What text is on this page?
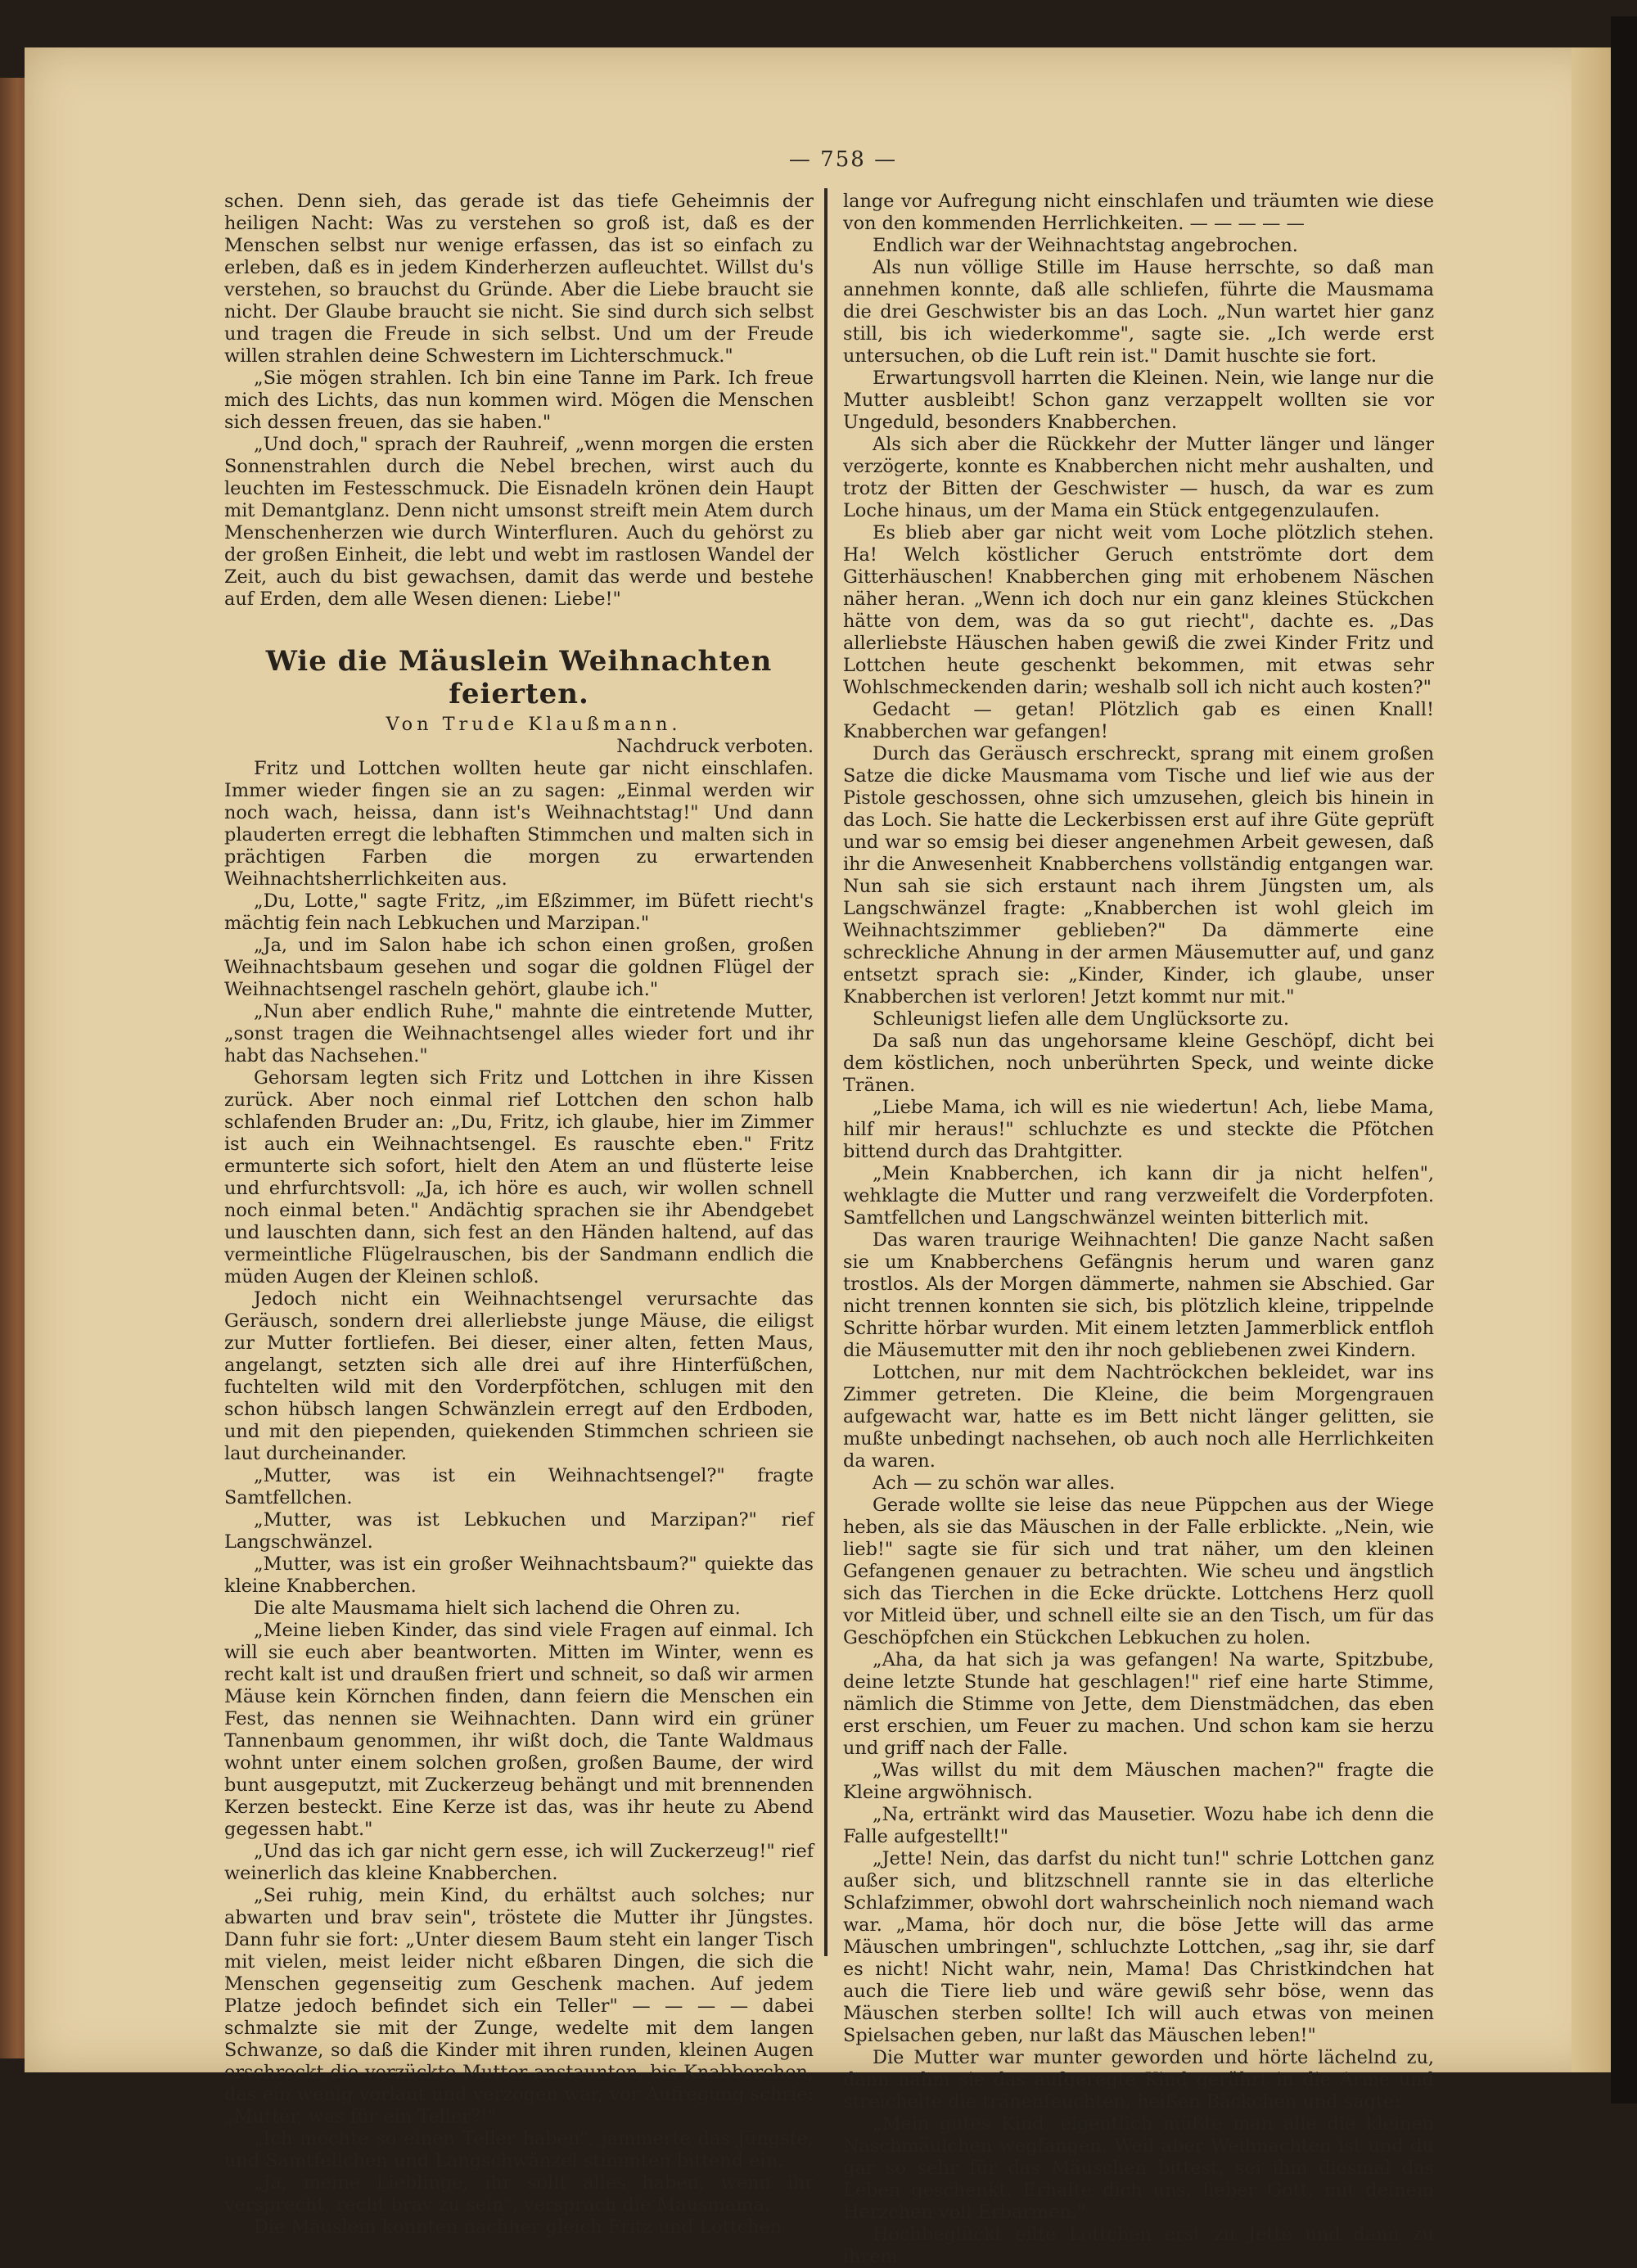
— 758 —

schen. Denn sieh, das gerade ist das tiefe Geheimnis der heiligen Nacht: Was zu verstehen so groß ist, daß es der Menschen selbst nur wenige erfassen, das ist so einfach zu erleben, daß es in jedem Kinderherzen aufleuchtet. Willst du's verstehen, so brauchst du Gründe. Aber die Liebe braucht sie nicht. Der Glaube braucht sie nicht. Sie sind durch sich selbst und tragen die Freude in sich selbst. Und um der Freude willen strahlen deine Schwestern im Lichterschmuck."

„Sie mögen strahlen. Ich bin eine Tanne im Park. Ich freue mich des Lichts, das nun kommen wird. Mögen die Menschen sich dessen freuen, das sie haben."

„Und doch," sprach der Rauhreif, „wenn morgen die ersten Sonnenstrahlen durch die Nebel brechen, wirst auch du leuchten im Festesschmuck. Die Eisnadeln krönen dein Haupt mit Demantglanz. Denn nicht umsonst streift mein Atem durch Menschenherzen wie durch Winterfluren. Auch du gehörst zu der großen Einheit, die lebt und webt im rastlosen Wandel der Zeit, auch du bist gewachsen, damit das werde und bestehe auf Erden, dem alle Wesen dienen: Liebe!"

Wie die Mäuslein Weihnachten feierten.

Von Trude Klaußmann.

Nachdruck verboten.

Fritz und Lottchen wollten heute gar nicht einschlafen. Immer wieder fingen sie an zu sagen: „Einmal werden wir noch wach, heissa, dann ist's Weihnachtstag!" Und dann plauderten erregt die lebhaften Stimmchen und malten sich in prächtigen Farben die morgen zu erwartenden Weihnachtsherrlichkeiten aus.

„Du, Lotte," sagte Fritz, „im Eßzimmer, im Büfett riecht's mächtig fein nach Lebkuchen und Marzipan."

„Ja, und im Salon habe ich schon einen großen, großen Weihnachtsbaum gesehen und sogar die goldnen Flügel der Weihnachtsengel rascheln gehört, glaube ich."

„Nun aber endlich Ruhe," mahnte die eintretende Mutter, „sonst tragen die Weihnachtsengel alles wieder fort und ihr habt das Nachsehen."

Gehorsam legten sich Fritz und Lottchen in ihre Kissen zurück. Aber noch einmal rief Lottchen den schon halb schlafenden Bruder an: „Du, Fritz, ich glaube, hier im Zimmer ist auch ein Weihnachtsengel. Es rauschte eben." Fritz ermunterte sich sofort, hielt den Atem an und flüsterte leise und ehrfurchtsvoll: „Ja, ich höre es auch, wir wollen schnell noch einmal beten." Andächtig sprachen sie ihr Abendgebet und lauschten dann, sich fest an den Händen haltend, auf das vermeintliche Flügelrauschen, bis der Sandmann endlich die müden Augen der Kleinen schloß.

Jedoch nicht ein Weihnachtsengel verursachte das Geräusch, sondern drei allerliebste junge Mäuse, die eiligst zur Mutter fortliefen. Bei dieser, einer alten, fetten Maus, angelangt, setzten sich alle drei auf ihre Hinterfüßchen, fuchtelten wild mit den Vorderpfötchen, schlugen mit den schon hübsch langen Schwänzlein erregt auf den Erdboden, und mit den piependen, quiekenden Stimmchen schrieen sie laut durcheinander.

„Mutter, was ist ein Weihnachtsengel?" fragte Samtfellchen.

„Mutter, was ist Lebkuchen und Marzipan?" rief Langschwänzel.

„Mutter, was ist ein großer Weihnachtsbaum?" quiekte das kleine Knabberchen.

Die alte Mausmama hielt sich lachend die Ohren zu.

„Meine lieben Kinder, das sind viele Fragen auf einmal. Ich will sie euch aber beantworten. Mitten im Winter, wenn es recht kalt ist und draußen friert und schneit, so daß wir armen Mäuse kein Körnchen finden, dann feiern die Menschen ein Fest, das nennen sie Weihnachten. Dann wird ein grüner Tannenbaum genommen, ihr wißt doch, die Tante Waldmaus wohnt unter einem solchen großen, großen Baume, der wird bunt ausgeputzt, mit Zuckerzeug behängt und mit brennenden Kerzen besteckt. Eine Kerze ist das, was ihr heute zu Abend gegessen habt."

„Und das ich gar nicht gern esse, ich will Zuckerzeug!" rief weinerlich das kleine Knabberchen.

„Sei ruhig, mein Kind, du erhältst auch solches; nur abwarten und brav sein", tröstete die Mutter ihr Jüngstes. Dann fuhr sie fort: „Unter diesem Baum steht ein langer Tisch mit vielen, meist leider nicht eßbaren Dingen, die sich die Menschen gegenseitig zum Geschenk machen. Auf jedem Platze jedoch befindet sich ein Teller" — — — — dabei schmalzte sie mit der Zunge, wedelte mit dem langen Schwanze, so daß die Kinder mit ihren runden, kleinen Augen erschreckt die verzückte Mutter anstaunten, bis Knabberchen, das ein wenig vorlaut und verzogen war, vor Aufregung schrie: „Mutter, was für ein Teller?!"

„Ich möchte so einen Teller haben", jammerte das Jüngste, und Samtfellchen und Langschwänzel stimmten bittend ein.

„Ja, meine Lieblinge, ihr sollt alles haben, wenn ihr versprecht, recht brav zu sein", versprach die Mausmama.

Die Mäuslein konnten nachher gleich Fritz und Lottchen

lange vor Aufregung nicht einschlafen und träumten wie diese von den kommenden Herrlichkeiten. — — — — —

Endlich war der Weihnachtstag angebrochen.

Als nun völlige Stille im Hause herrschte, so daß man annehmen konnte, daß alle schliefen, führte die Mausmama die drei Geschwister bis an das Loch. „Nun wartet hier ganz still, bis ich wiederkomme", sagte sie. „Ich werde erst untersuchen, ob die Luft rein ist." Damit huschte sie fort.

Erwartungsvoll harrten die Kleinen. Nein, wie lange nur die Mutter ausbleibt! Schon ganz verzappelt wollten sie vor Ungeduld, besonders Knabberchen.

Als sich aber die Rückkehr der Mutter länger und länger verzögerte, konnte es Knabberchen nicht mehr aushalten, und trotz der Bitten der Geschwister — husch, da war es zum Loche hinaus, um der Mama ein Stück entgegenzulaufen.

Es blieb aber gar nicht weit vom Loche plötzlich stehen. Ha! Welch köstlicher Geruch entströmte dort dem Gitterhäuschen! Knabberchen ging mit erhobenem Näschen näher heran. „Wenn ich doch nur ein ganz kleines Stückchen hätte von dem, was da so gut riecht", dachte es. „Das allerliebste Häuschen haben gewiß die zwei Kinder Fritz und Lottchen heute geschenkt bekommen, mit etwas sehr Wohlschmeckenden darin; weshalb soll ich nicht auch kosten?"

Gedacht — getan! Plötzlich gab es einen Knall! Knabberchen war gefangen!

Durch das Geräusch erschreckt, sprang mit einem großen Satze die dicke Mausmama vom Tische und lief wie aus der Pistole geschossen, ohne sich umzusehen, gleich bis hinein in das Loch. Sie hatte die Leckerbissen erst auf ihre Güte geprüft und war so emsig bei dieser angenehmen Arbeit gewesen, daß ihr die Anwesenheit Knabberchens vollständig entgangen war. Nun sah sie sich erstaunt nach ihrem Jüngsten um, als Langschwänzel fragte: „Knabberchen ist wohl gleich im Weihnachtszimmer geblieben?" Da dämmerte eine schreckliche Ahnung in der armen Mäusemutter auf, und ganz entsetzt sprach sie: „Kinder, Kinder, ich glaube, unser Knabberchen ist verloren! Jetzt kommt nur mit."

Schleunigst liefen alle dem Unglücksorte zu.

Da saß nun das ungehorsame kleine Geschöpf, dicht bei dem köstlichen, noch unberührten Speck, und weinte dicke Tränen.

„Liebe Mama, ich will es nie wiedertun! Ach, liebe Mama, hilf mir heraus!" schluchzte es und steckte die Pfötchen bittend durch das Drahtgitter.

„Mein Knabberchen, ich kann dir ja nicht helfen", wehklagte die Mutter und rang verzweifelt die Vorderpfoten. Samtfellchen und Langschwänzel weinten bitterlich mit.

Das waren traurige Weihnachten! Die ganze Nacht saßen sie um Knabberchens Gefängnis herum und waren ganz trostlos. Als der Morgen dämmerte, nahmen sie Abschied. Gar nicht trennen konnten sie sich, bis plötzlich kleine, trippelnde Schritte hörbar wurden. Mit einem letzten Jammerblick entfloh die Mäusemutter mit den ihr noch gebliebenen zwei Kindern.

Lottchen, nur mit dem Nachtröckchen bekleidet, war ins Zimmer getreten. Die Kleine, die beim Morgengrauen aufgewacht war, hatte es im Bett nicht länger gelitten, sie mußte unbedingt nachsehen, ob auch noch alle Herrlichkeiten da waren.

Ach — zu schön war alles.

Gerade wollte sie leise das neue Püppchen aus der Wiege heben, als sie das Mäuschen in der Falle erblickte. „Nein, wie lieb!" sagte sie für sich und trat näher, um den kleinen Gefangenen genauer zu betrachten. Wie scheu und ängstlich sich das Tierchen in die Ecke drückte. Lottchens Herz quoll vor Mitleid über, und schnell eilte sie an den Tisch, um für das Geschöpfchen ein Stückchen Lebkuchen zu holen.

„Aha, da hat sich ja was gefangen! Na warte, Spitzbube, deine letzte Stunde hat geschlagen!" rief eine harte Stimme, nämlich die Stimme von Jette, dem Dienstmädchen, das eben erst erschien, um Feuer zu machen. Und schon kam sie herzu und griff nach der Falle.

„Was willst du mit dem Mäuschen machen?" fragte die Kleine argwöhnisch.

„Na, ertränkt wird das Mausetier. Wozu habe ich denn die Falle aufgestellt!"

„Jette! Nein, das darfst du nicht tun!" schrie Lottchen ganz außer sich, und blitzschnell rannte sie in das elterliche Schlafzimmer, obwohl dort wahrscheinlich noch niemand wach war. „Mama, hör doch nur, die böse Jette will das arme Mäuschen umbringen", schluchzte Lottchen, „sag ihr, sie darf es nicht! Nicht wahr, nein, Mama! Das Christkindchen hat auch die Tiere lieb und wäre gewiß sehr böse, wenn das Mäuschen sterben sollte! Ich will auch etwas von meinen Spielsachen geben, nur laßt das Mäuschen leben!"

Die Mutter war munter geworden und hörte lächelnd zu, dann nahm sie das aufgeregte Kind gerührt in die Arme und streichelte die tränenfeuchten, heißen Bäckchen und sagte:

„Mein gutes Kind, eigentlich müßte man alle die kleinen Naschmäulchen wegfangen. Weil aber Weihnachten ist und du gar so sehr für das Mäuschen bittest, sei ihm diesmal das Leben geschenkt. Erhalte dich uns, lieber Gott, mit deinem Herzchen voll Erbarmen."

Hochbeglückt eilte Lottchen erst zu Jette und dann zu ihrem
